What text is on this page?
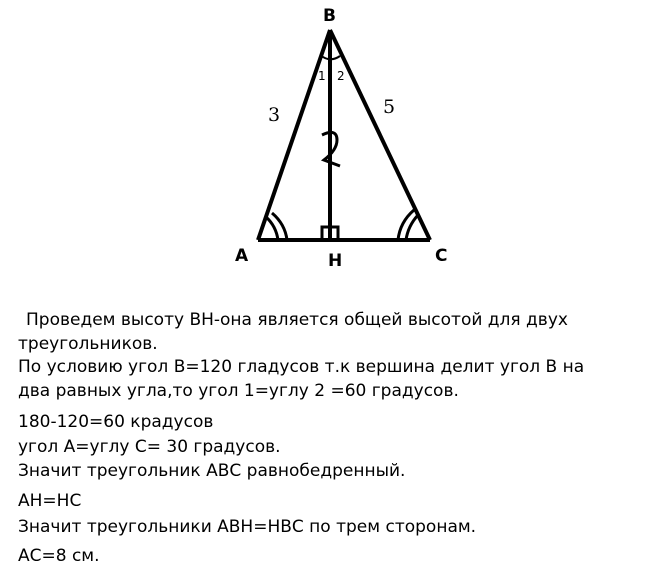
B
A	H	C
3	5
1 2
Проведем высоту ВН-она является общей высотой для двух
треугольников.
По условию угол В=120 гладусов т.к вершина делит угол В на
два равных угла,то угол 1=углу 2 =60 градусов.
180-120=60 крадусов
угол А=углу С= 30 градусов.
Значит треугольник АВС равнобедренный.
АН=НС
Значит треугольники АВН=НВС по трем сторонам.
АС=8 см.
